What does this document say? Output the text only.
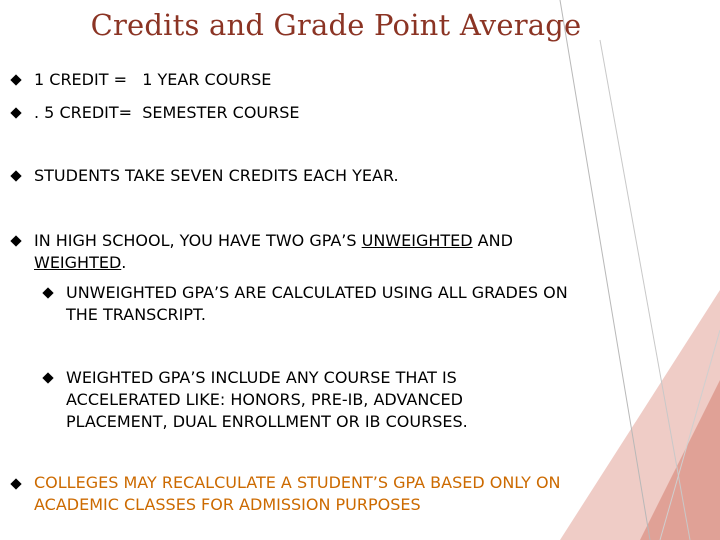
Credits and Grade Point Average
1 CREDIT =   1 YEAR COURSE
. 5 CREDIT=  SEMESTER COURSE
STUDENTS TAKE SEVEN CREDITS EACH YEAR.
IN HIGH SCHOOL, YOU HAVE TWO GPA’S UNWEIGHTED AND WEIGHTED.
UNWEIGHTED GPA’S ARE CALCULATED USING ALL GRADES ON THE TRANSCRIPT.
WEIGHTED GPA’S INCLUDE ANY COURSE THAT IS ACCELERATED LIKE: HONORS, PRE-IB, ADVANCED PLACEMENT, DUAL ENROLLMENT OR IB COURSES.
COLLEGES MAY RECALCULATE A STUDENT’S GPA BASED ONLY ON ACADEMIC CLASSES FOR ADMISSION PURPOSES
